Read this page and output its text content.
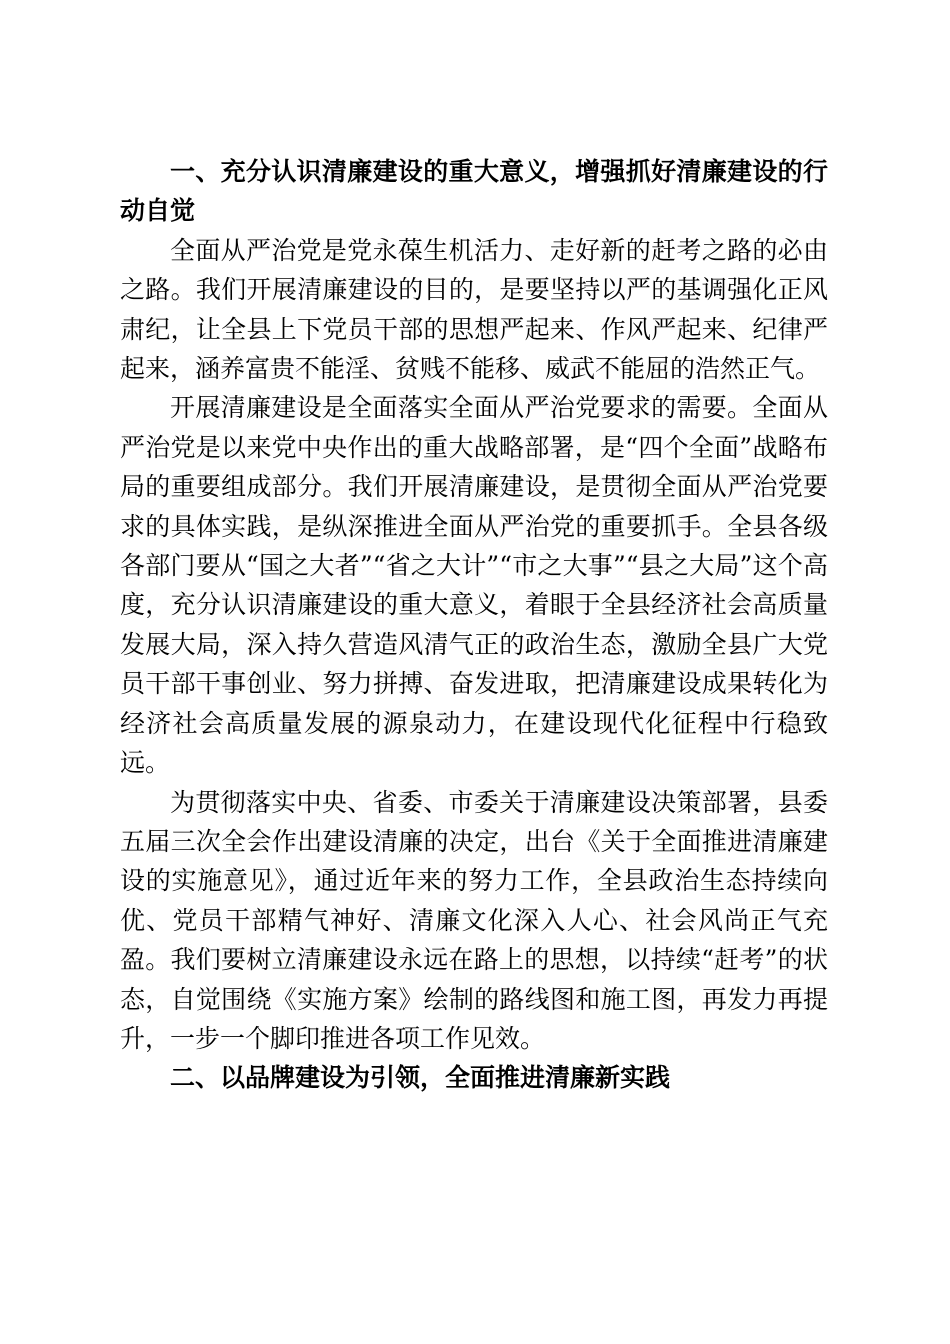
一、充分认识清廉建设的重大意义，增强抓好清廉建设的行动自觉

全面从严治党是党永葆生机活力、走好新的赶考之路的必由之路。我们开展清廉建设的目的，是要坚持以严的基调强化正风肃纪，让全县上下党员干部的思想严起来、作风严起来、纪律严起来，涵养富贵不能淫、贫贱不能移、威武不能屈的浩然正气。

开展清廉建设是全面落实全面从严治党要求的需要。全面从严治党是以来党中央作出的重大战略部署，是“四个全面”战略布局的重要组成部分。我们开展清廉建设，是贯彻全面从严治党要求的具体实践，是纵深推进全面从严治党的重要抓手。全县各级各部门要从“国之大者”“省之大计”“市之大事”“县之大局”这个高度，充分认识清廉建设的重大意义，着眼于全县经济社会高质量发展大局，深入持久营造风清气正的政治生态，激励全县广大党员干部干事创业、努力拼搏、奋发进取，把清廉建设成果转化为经济社会高质量发展的源泉动力，在建设现代化征程中行稳致远。

为贯彻落实中央、省委、市委关于清廉建设决策部署，县委五届三次全会作出建设清廉的决定，出台《关于全面推进清廉建设的实施意见》，通过近年来的努力工作，全县政治生态持续向优、党员干部精气神好、清廉文化深入人心、社会风尚正气充盈。我们要树立清廉建设永远在路上的思想，以持续“赶考”的状态，自觉围绕《实施方案》绘制的路线图和施工图，再发力再提升，一步一个脚印推进各项工作见效。

二、以品牌建设为引领，全面推进清廉新实践
